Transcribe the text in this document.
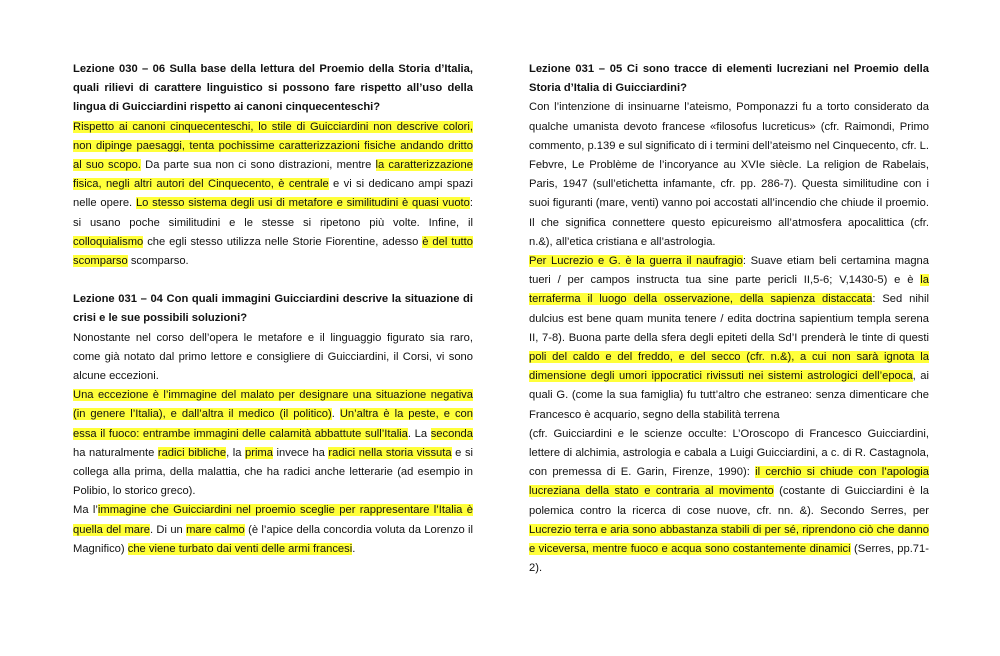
Lezione 030 – 06 Sulla base della lettura del Proemio della Storia d’Italia, quali rilievi di carattere linguistico si possono fare rispetto all’uso della lingua di Guicciardini rispetto ai canoni cinquecenteschi?

Rispetto ai canoni cinquecenteschi, lo stile di Guicciardini non descrive colori, non dipinge paesaggi, tenta pochissime caratterizzazioni fisiche andando dritto al suo scopo. Da parte sua non ci sono distrazioni, mentre la caratterizzazione fisica, negli altri autori del Cinquecento, è centrale e vi si dedicano ampi spazi nelle opere. Lo stesso sistema degli usi di metafore e similitudini è quasi vuoto: si usano poche similitudini e le stesse si ripetono più volte. Infine, il colloquialismo che egli stesso utilizza nelle Storie Fiorentine, adesso è del tutto scomparso scomparso.

Lezione 031 – 04 Con quali immagini Guicciardini descrive la situazione di crisi e le sue possibili soluzioni?

Nonostante nel corso dell’opera le metafore e il linguaggio figurato sia raro, come già notato dal primo lettore e consigliere di Guicciardini, il Corsi, vi sono alcune eccezioni.

Una eccezione è l’immagine del malato per designare una situazione negativa (in genere l’Italia), e dall’altra il medico (il politico). Un’altra è la peste, e con essa il fuoco: entrambe immagini delle calamità abbattute sull’Italia. La seconda ha naturalmente radici bibliche, la prima invece ha radici nella storia vissuta e si collega alla prima, della malattia, che ha radici anche letterarie (ad esempio in Polibio, lo storico greco).

Ma l’immagine che Guicciardini nel proemio sceglie per rappresentare l’Italia è quella del mare. Di un mare calmo (è l’apice della concordia voluta da Lorenzo il Magnifico) che viene turbato dai venti delle armi francesi.

Lezione 031 – 05 Ci sono tracce di elementi lucreziani nel Proemio della Storia d’Italia di Guicciardini?

Con l’intenzione di insinuarne l’ateismo, Pomponazzi fu a torto considerato da qualche umanista devoto francese «filosofus lucreticus» (cfr. Raimondi, Primo commento, p.139 e sul significato di i termini dell’ateismo nel Cinquecento, cfr. L. Febvre, Le Problème de l’incoryance au XVIe siècle. La religion de Rabelais, Paris, 1947 (sull’etichetta infamante, cfr. pp. 286-7). Questa similitudine con i suoi figuranti (mare, venti) vanno poi accostati all’incendio che chiude il proemio. Il che significa connettere questo epicureismo all’atmosfera apocalittica (cfr. n.&), all’etica cristiana e all’astrologia.

Per Lucrezio e G. è la guerra il naufragio: Suave etiam beli certamina magna tueri / per campos instructa tua sine parte pericli II,5-6; V,1430-5) e è la terraferma il luogo della osservazione, della sapienza distaccata: Sed nihil dulcius est bene quam munita tenere / edita doctrina sapientium templa serena II, 7-8). Buona parte della sfera degli epiteti della Sd’I prenderà le tinte di questi poli del caldo e del freddo, e del secco (cfr. n.&), a cui non sarà ignota la dimensione degli umori ippocratici rivissuti nei sistemi astrologici dell’epoca, ai quali G. (come la sua famiglia) fu tutt’altro che estraneo: senza dimenticare che Francesco è acquario, segno della stabilità terrena

(cfr. Guicciardini e le scienze occulte: L’Oroscopo di Francesco Guicciardini, lettere di alchimia, astrologia e cabala a Luigi Guicciardini, a c. di R. Castagnola, con premessa di E. Garin, Firenze, 1990): il cerchio si chiude con l’apologia lucreziana della stato e contraria al movimento (costante di Guicciardini è la polemica contro la ricerca di cose nuove, cfr. nn. &). Secondo Serres, per Lucrezio terra e aria sono abbastanza stabili di per sé, riprendono ciò che danno e viceversa, mentre fuoco e acqua sono costantemente dinamici (Serres, pp.71-2).
